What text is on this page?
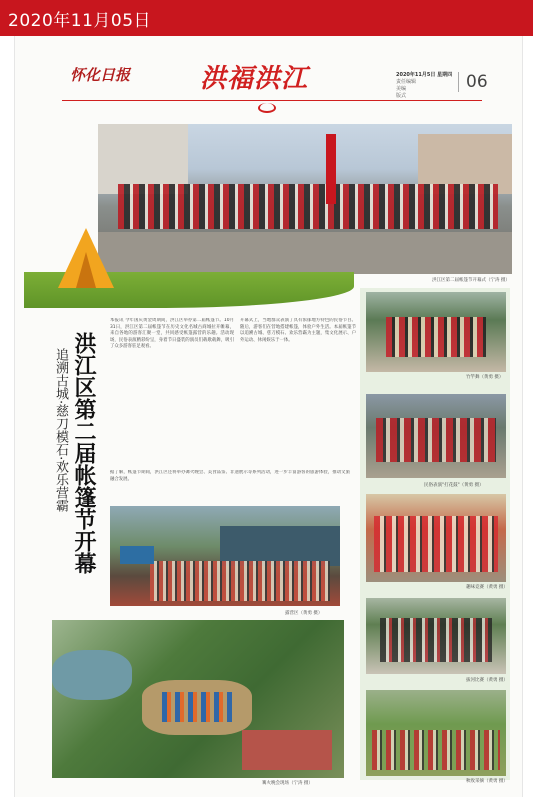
2020年11月05日
怀化日报	洪福洪江	2020年11月5日 星期四
责任编辑
美编
版式
06
洪江区第二届帐篷节开幕式（宁涛 摄）
洪江区第二届帐篷节开幕
追溯古城·慈刀模石·欢乐营霸

本报讯 今年国庆黄金周期间，洪江区举办第二届帐篷节。10月31日，洪江区第二届帐篷节在历史文化名城古商城拉开帷幕，来自各地的游客汇聚一堂，共同感受帐篷露营的乐趣。活动现场，民俗表演精彩纷呈，身着节日盛装的演员们载歌载舞，吸引了众多游客驻足观看。

开幕式上，当地群众表演了具有浓郁地方特色的民俗节目。随后，游客们在营地搭建帐篷，体验户外生活。本届帐篷节以追溯古城、慈刀模石、欢乐营霸为主题，集文化展示、户外运动、休闲娱乐于一体。

据了解，帐篷节期间，洪江区还将举办篝火晚会、美食品鉴、非遗展示等系列活动，进一步丰富游客的旅游体验，推动文旅融合发展。

露营区（黄勇 摄）
篝火晚会现场（宁涛 摄）
竹竿舞（黄勇 摄）
民俗表演"打花鼓"（黄勇 摄）
趣味竞赛（黄勇 摄）
拔河比赛（黄勇 摄）
秋收采摘（黄勇 摄）
